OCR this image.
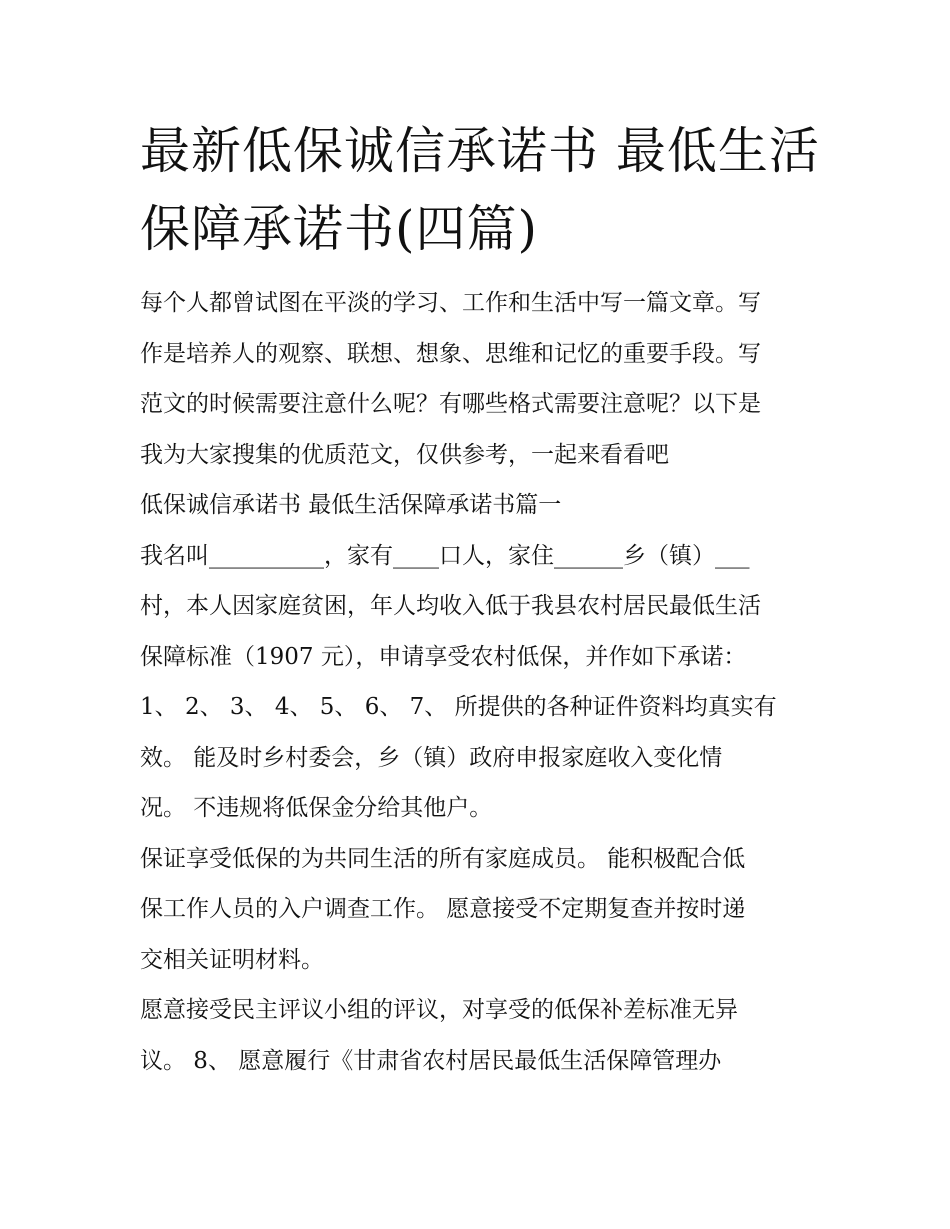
最新低保诚信承诺书 最低生活
保障承诺书(四篇)
每个人都曾试图在平淡的学习、工作和生活中写一篇文章。写
作是培养人的观察、联想、想象、思维和记忆的重要手段。写
范文的时候需要注意什么呢？有哪些格式需要注意呢？以下是
我为大家搜集的优质范文，仅供参考，一起来看看吧
低保诚信承诺书 最低生活保障承诺书篇一
我名叫__________，家有____口人，家住______乡（镇）___
村，本人因家庭贫困，年人均收入低于我县农村居民最低生活
保障标准（1907 元），申请享受农村低保，并作如下承诺：
1、 2、 3、 4、 5、 6、 7、 所提供的各种证件资料均真实有
效。 能及时乡村委会，乡（镇）政府申报家庭收入变化情
况。 不违规将低保金分给其他户。
保证享受低保的为共同生活的所有家庭成员。 能积极配合低
保工作人员的入户调查工作。 愿意接受不定期复查并按时递
交相关证明材料。
愿意接受民主评议小组的评议，对享受的低保补差标准无异
议。 8、 愿意履行《甘肃省农村居民最低生活保障管理办
